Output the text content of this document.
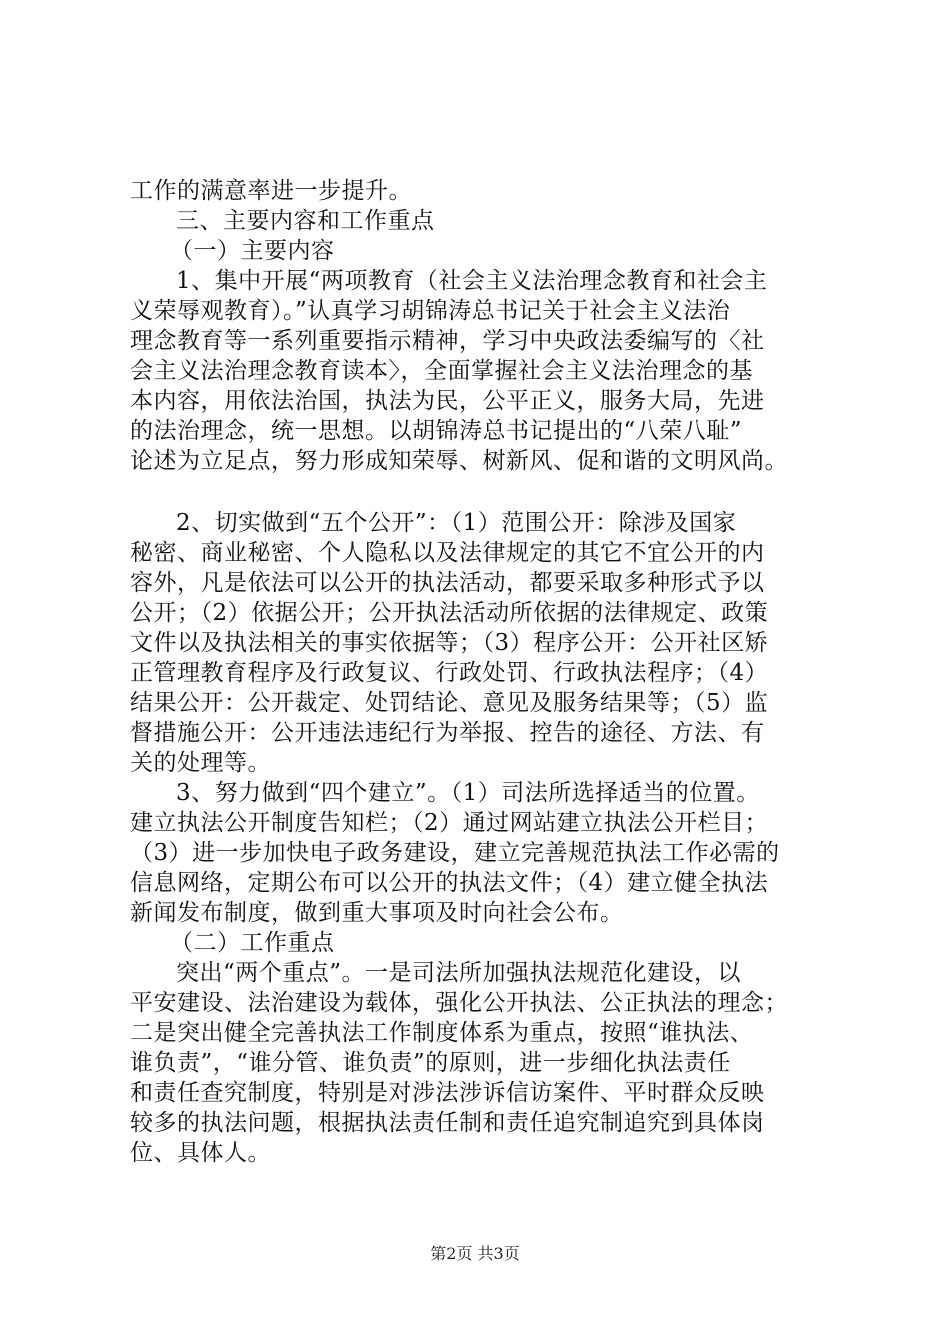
工作的满意率进一步提升。
三、主要内容和工作重点
（一）主要内容
1、集中开展“两项教育（社会主义法治理念教育和社会主
义荣辱观教育）。”认真学习胡锦涛总书记关于社会主义法治
理念教育等一系列重要指示精神，学习中央政法委编写的〈社
会主义法治理念教育读本〉，全面掌握社会主义法治理念的基
本内容，用依法治国，执法为民，公平正义，服务大局，先进
的法治理念，统一思想。以胡锦涛总书记提出的“八荣八耻”
论述为立足点，努力形成知荣辱、树新风、促和谐的文明风尚。
2、切实做到“五个公开”：（1）范围公开：除涉及国家
秘密、商业秘密、个人隐私以及法律规定的其它不宜公开的内
容外，凡是依法可以公开的执法活动，都要采取多种形式予以
公开；（2）依据公开；公开执法活动所依据的法律规定、政策
文件以及执法相关的事实依据等；（3）程序公开：公开社区矫
正管理教育程序及行政复议、行政处罚、行政执法程序；（4）
结果公开：公开裁定、处罚结论、意见及服务结果等；（5）监
督措施公开：公开违法违纪行为举报、控告的途径、方法、有
关的处理等。
3、努力做到“四个建立”。（1）司法所选择适当的位置。
建立执法公开制度告知栏；（2）通过网站建立执法公开栏目；
（3）进一步加快电子政务建设，建立完善规范执法工作必需的
信息网络，定期公布可以公开的执法文件；（4）建立健全执法
新闻发布制度，做到重大事项及时向社会公布。
（二）工作重点
突出“两个重点”。一是司法所加强执法规范化建设，以
平安建设、法治建设为载体，强化公开执法、公正执法的理念；
二是突出健全完善执法工作制度体系为重点，按照“谁执法、
谁负责”，“谁分管、谁负责”的原则，进一步细化执法责任
和责任查究制度，特别是对涉法涉诉信访案件、平时群众反映
较多的执法问题，根据执法责任制和责任追究制追究到具体岗
位、具体人。
第2页 共3页
